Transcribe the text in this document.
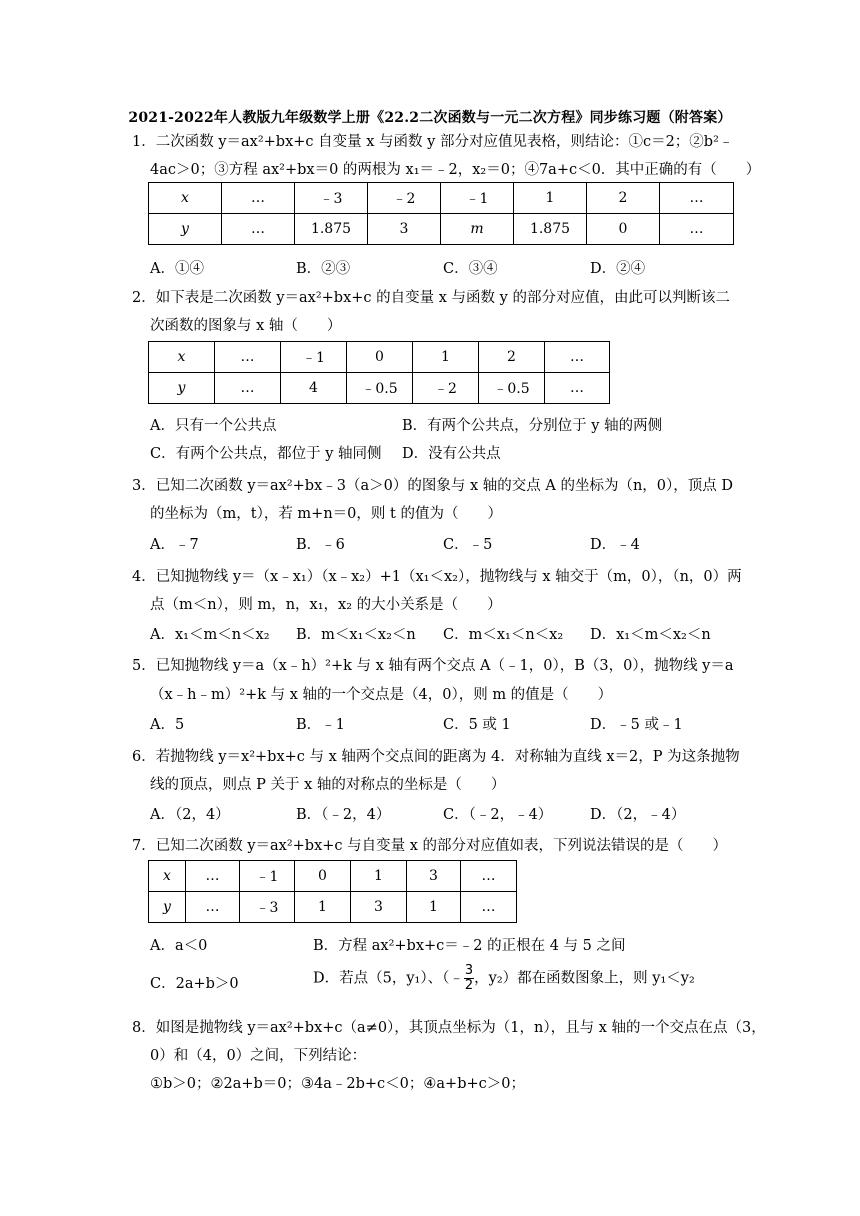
2021-2022年人教版九年级数学上册《22.2二次函数与一元二次方程》同步练习题（附答案）
1．二次函数 y＝ax²+bx+c 自变量 x 与函数 y 部分对应值见表格，则结论：①c＝2；②b²﹣
4ac＞0；③方程 ax²+bx＝0 的两根为 x₁＝﹣2，x₂＝0；④7a+c＜0．其中正确的有（　　）
x	…	﹣3	﹣2	﹣1	1	2	…
y	…	1.875	3	m	1.875	0	…
A．①④	B．②③	C．③④	D．②④
2．如下表是二次函数 y＝ax²+bx+c 的自变量 x 与函数 y 的部分对应值，由此可以判断该二
次函数的图象与 x 轴（　　）
x	…	﹣1	0	1	2	…
y	…	4	﹣0.5	﹣2	﹣0.5	…
A．只有一个公共点	B．有两个公共点，分别位于 y 轴的两侧
C．有两个公共点，都位于 y 轴同侧 D．没有公共点
3．已知二次函数 y＝ax²+bx﹣3（a＞0）的图象与 x 轴的交点 A 的坐标为（n，0），顶点 D
的坐标为（m，t），若 m+n＝0，则 t 的值为（　　）
A．﹣7	B．﹣6	C．﹣5	D．﹣4
4．已知抛物线 y＝（x﹣x₁）（x﹣x₂）+1（x₁＜x₂），抛物线与 x 轴交于（m，0），（n，0）两
点（m＜n），则 m，n，x₁，x₂ 的大小关系是（　　）
A．x₁＜m＜n＜x₂ B．m＜x₁＜x₂＜n C．m＜x₁＜n＜x₂ D．x₁＜m＜x₂＜n
5．已知抛物线 y＝a（x﹣h）²+k 与 x 轴有两个交点 A（﹣1，0），B（3，0），抛物线 y＝a
（x﹣h﹣m）²+k 与 x 轴的一个交点是（4，0），则 m 的值是（　　）
A．5	B．﹣1	C．5 或 1	D．﹣5 或﹣1
6．若抛物线 y＝x²+bx+c 与 x 轴两个交点间的距离为 4．对称轴为直线 x＝2，P 为这条抛物
线的顶点，则点 P 关于 x 轴的对称点的坐标是（　　）
A．（2，4）	B．（﹣2，4）	C．（﹣2，﹣4）	D．（2，﹣4）
7．已知二次函数 y＝ax²+bx+c 与自变量 x 的部分对应值如表，下列说法错误的是（　　）
x	…	﹣1	0	1	3	…
y	…	﹣3	1	3	1	…
A．a＜0	B．方程 ax²+bx+c＝﹣2 的正根在 4 与 5 之间
C．2a+b＞0	D．若点（5，y₁）、（﹣ $\frac{3}{2}$ ，y₂）都在函数图象上，则 y₁＜y₂
8．如图是抛物线 y＝ax²+bx+c（a≠0），其顶点坐标为（1，n），且与 x 轴的一个交点在点（3，
0）和（4，0）之间，下列结论：
①b＞0；②2a+b＝0；③4a﹣2b+c＜0；④a+b+c＞0；
